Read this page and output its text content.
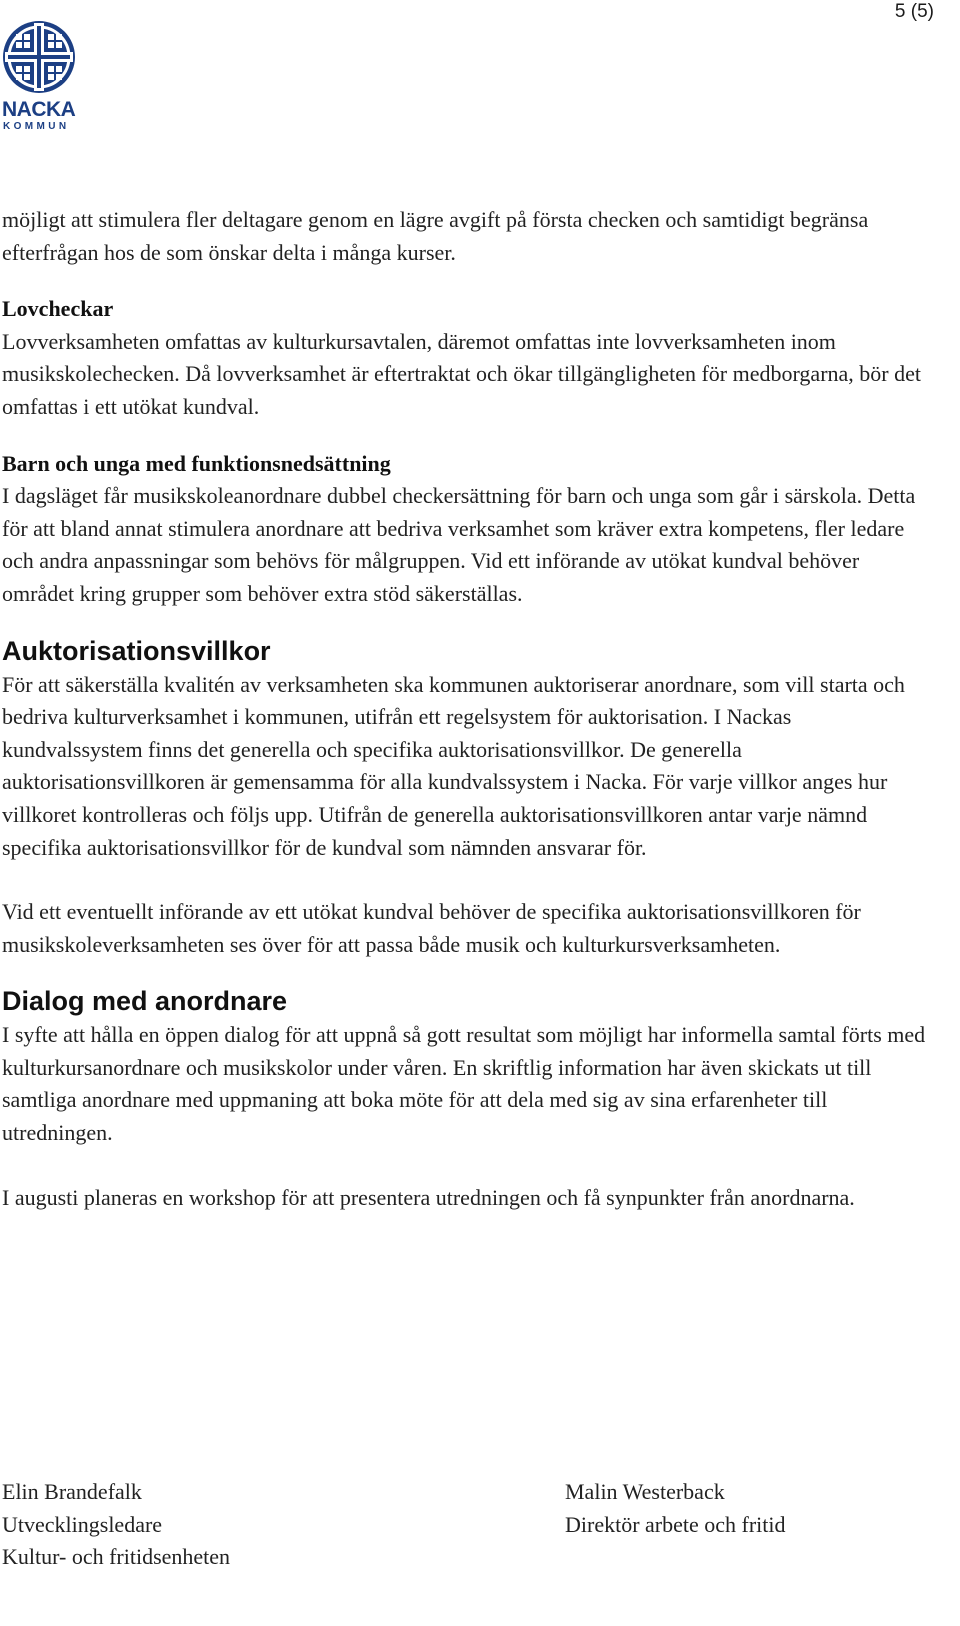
5 (5)
NACKA
KOMMUN

möjligt att stimulera fler deltagare genom en lägre avgift på första checken och samtidigt begränsa efterfrågan hos de som önskar delta i många kurser.

Lovcheckar

Lovverksamheten omfattas av kulturkursavtalen, däremot omfattas inte lovverksamheten inom musikskolechecken. Då lovverksamhet är eftertraktat och ökar tillgängligheten för medborgarna, bör det omfattas i ett utökat kundval.

Barn och unga med funktionsnedsättning

I dagsläget får musikskoleanordnare dubbel checkersättning för barn och unga som går i särskola. Detta för att bland annat stimulera anordnare att bedriva verksamhet som kräver extra kompetens, fler ledare och andra anpassningar som behövs för målgruppen. Vid ett införande av utökat kundval behöver området kring grupper som behöver extra stöd säkerställas.

Auktorisationsvillkor

För att säkerställa kvalitén av verksamheten ska kommunen auktoriserar anordnare, som vill starta och bedriva kulturverksamhet i kommunen, utifrån ett regelsystem för auktorisation. I Nackas kundvalssystem finns det generella och specifika auktorisationsvillkor. De generella auktorisationsvillkoren är gemensamma för alla kundvalssystem i Nacka. För varje villkor anges hur villkoret kontrolleras och följs upp. Utifrån de generella auktorisationsvillkoren antar varje nämnd specifika auktorisationsvillkor för de kundval som nämnden ansvarar för.

Vid ett eventuellt införande av ett utökat kundval behöver de specifika auktorisationsvillkoren för musikskoleverksamheten ses över för att passa både musik och kulturkursverksamheten.

Dialog med anordnare

I syfte att hålla en öppen dialog för att uppnå så gott resultat som möjligt har informella samtal förts med kulturkursanordnare och musikskolor under våren. En skriftlig information har även skickats ut till samtliga anordnare med uppmaning att boka möte för att dela med sig av sina erfarenheter till utredningen.

I augusti planeras en workshop för att presentera utredningen och få synpunkter från anordnarna.

Elin Brandefalk
Utvecklingsledare
Kultur- och fritidsenheten
Malin Westerback
Direktör arbete och fritid
